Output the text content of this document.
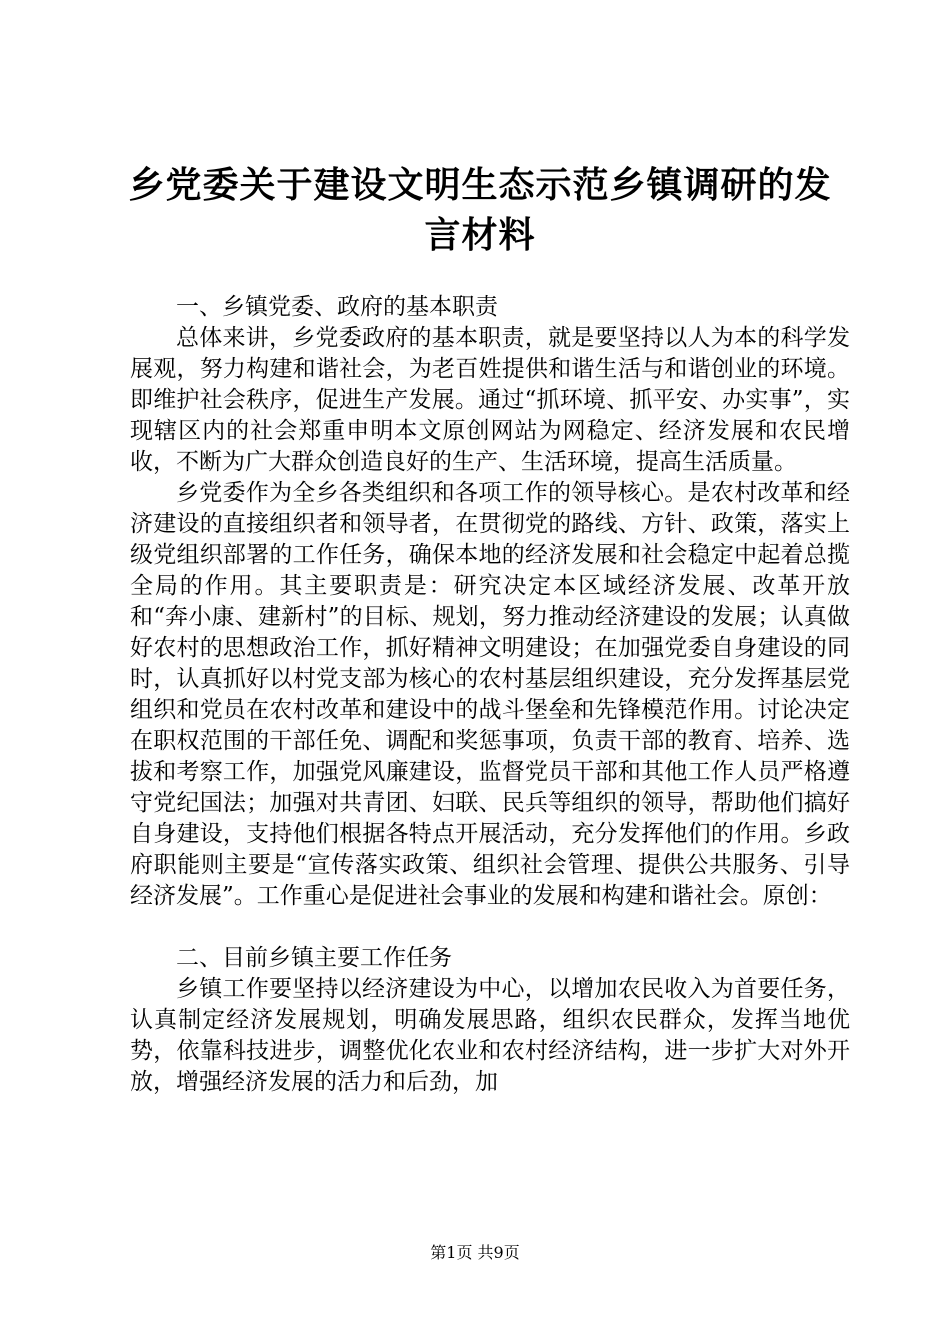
乡党委关于建设文明生态示范乡镇调研的发言材料

一、乡镇党委、政府的基本职责

总体来讲，乡党委政府的基本职责，就是要坚持以人为本的科学发展观，努力构建和谐社会，为老百姓提供和谐生活与和谐创业的环境。即维护社会秩序，促进生产发展。通过“抓环境、抓平安、办实事”，实现辖区内的社会郑重申明本文原创网站为网稳定、经济发展和农民增收，不断为广大群众创造良好的生产、生活环境，提高生活质量。

乡党委作为全乡各类组织和各项工作的领导核心。是农村改革和经济建设的直接组织者和领导者，在贯彻党的路线、方针、政策，落实上级党组织部署的工作任务，确保本地的经济发展和社会稳定中起着总揽全局的作用。其主要职责是：研究决定本区域经济发展、改革开放和“奔小康、建新村”的目标、规划，努力推动经济建设的发展；认真做好农村的思想政治工作，抓好精神文明建设；在加强党委自身建设的同时，认真抓好以村党支部为核心的农村基层组织建设，充分发挥基层党组织和党员在农村改革和建设中的战斗堡垒和先锋模范作用。讨论决定在职权范围的干部任免、调配和奖惩事项，负责干部的教育、培养、选拔和考察工作，加强党风廉建设，监督党员干部和其他工作人员严格遵守党纪国法；加强对共青团、妇联、民兵等组织的领导，帮助他们搞好自身建设，支持他们根据各特点开展活动，充分发挥他们的作用。乡政府职能则主要是“宣传落实政策、组织社会管理、提供公共服务、引导经济发展”。工作重心是促进社会事业的发展和构建和谐社会。原创：

二、目前乡镇主要工作任务

乡镇工作要坚持以经济建设为中心，以增加农民收入为首要任务，认真制定经济发展规划，明确发展思路，组织农民群众，发挥当地优势，依靠科技进步，调整优化农业和农村经济结构，进一步扩大对外开放，增强经济发展的活力和后劲，加

第1页 共9页
